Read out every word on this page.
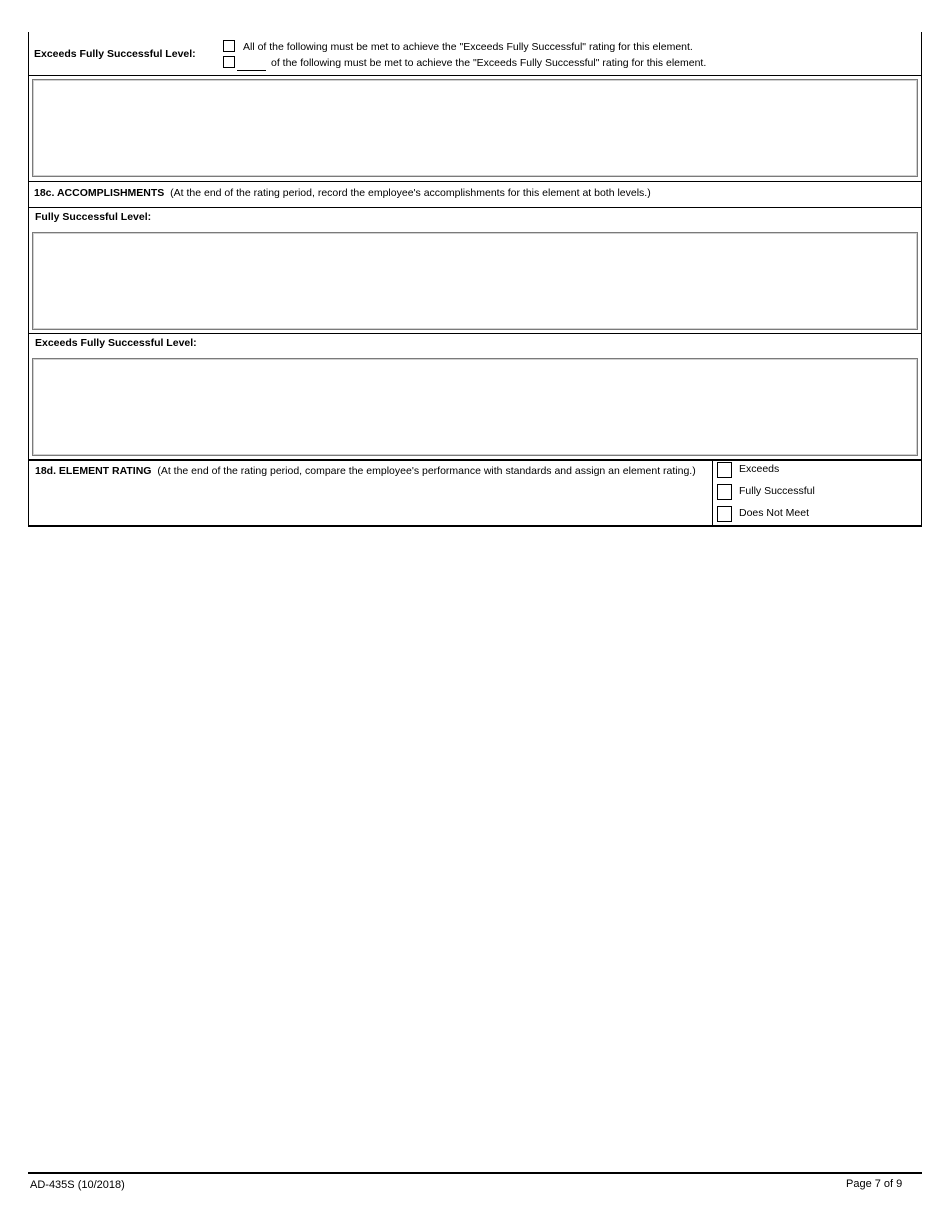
Exceeds Fully Successful Level:
All of the following must be met to achieve the "Exceeds Fully Successful" rating for this element.
of the following must be met to achieve the "Exceeds Fully Successful" rating for this element.
18c. ACCOMPLISHMENTS (At the end of the rating period, record the employee's accomplishments for this element at both levels.)
Fully Successful Level:
Exceeds Fully Successful Level:
18d. ELEMENT RATING (At the end of the rating period, compare the employee's performance with standards and assign an element rating.)	Exceeds
Fully Successful
Does Not Meet
AD-435S (10/2018)	Page 7 of 9
